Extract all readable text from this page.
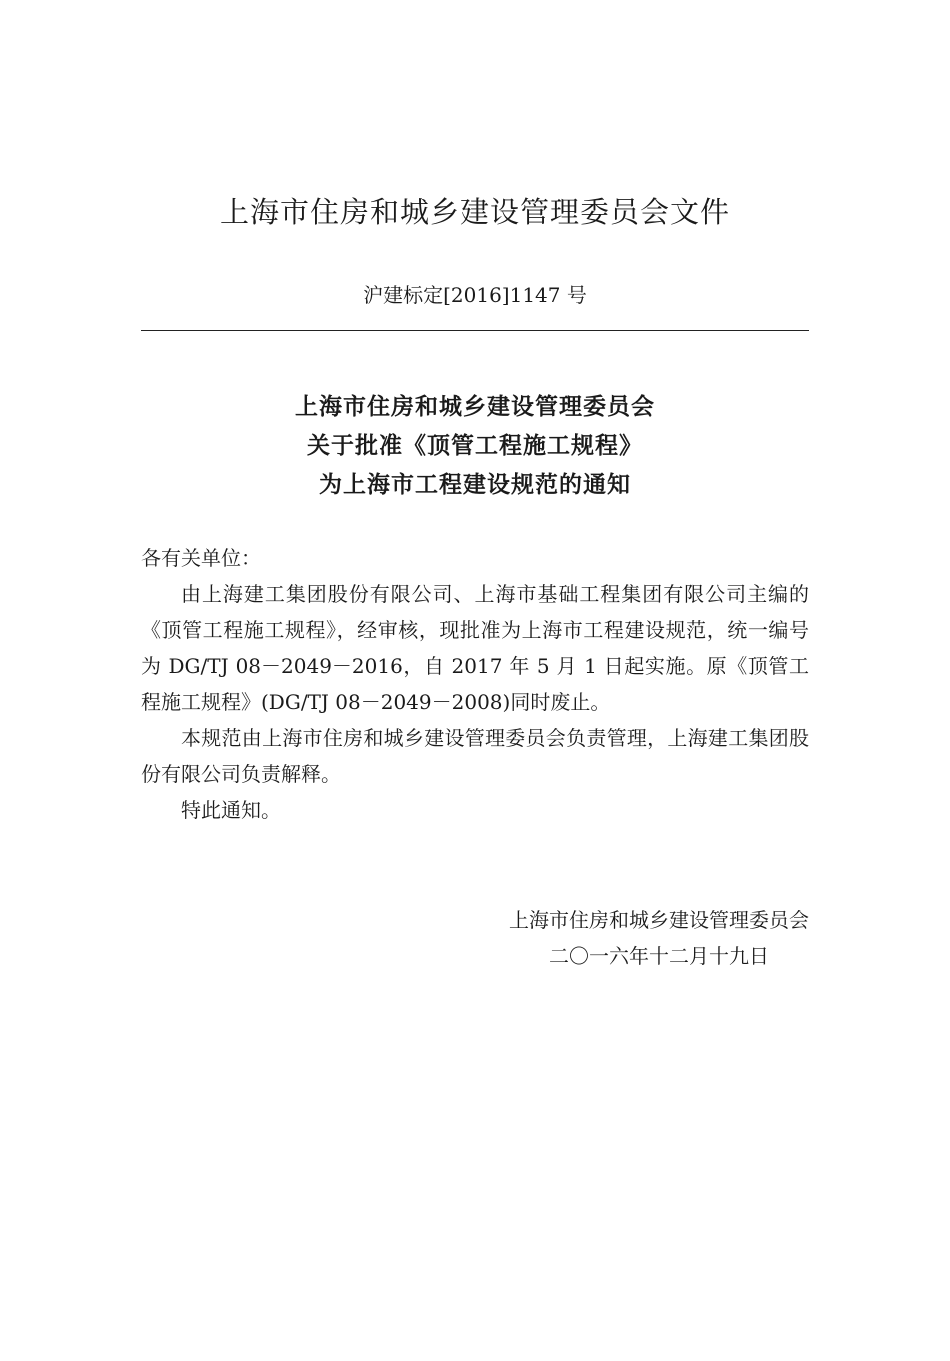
上海市住房和城乡建设管理委员会文件
沪建标定[2016]1147 号
上海市住房和城乡建设管理委员会
关于批准《顶管工程施工规程》
为上海市工程建设规范的通知

各有关单位：

由上海建工集团股份有限公司、上海市基础工程集团有限公司主编的《顶管工程施工规程》，经审核，现批准为上海市工程建设规范，统一编号为 DG/TJ 08－2049－2016，自 2017 年 5 月 1 日起实施。原《顶管工程施工规程》(DG/TJ 08－2049－2008)同时废止。

本规范由上海市住房和城乡建设管理委员会负责管理，上海建工集团股份有限公司负责解释。

特此通知。

上海市住房和城乡建设管理委员会
二〇一六年十二月十九日
